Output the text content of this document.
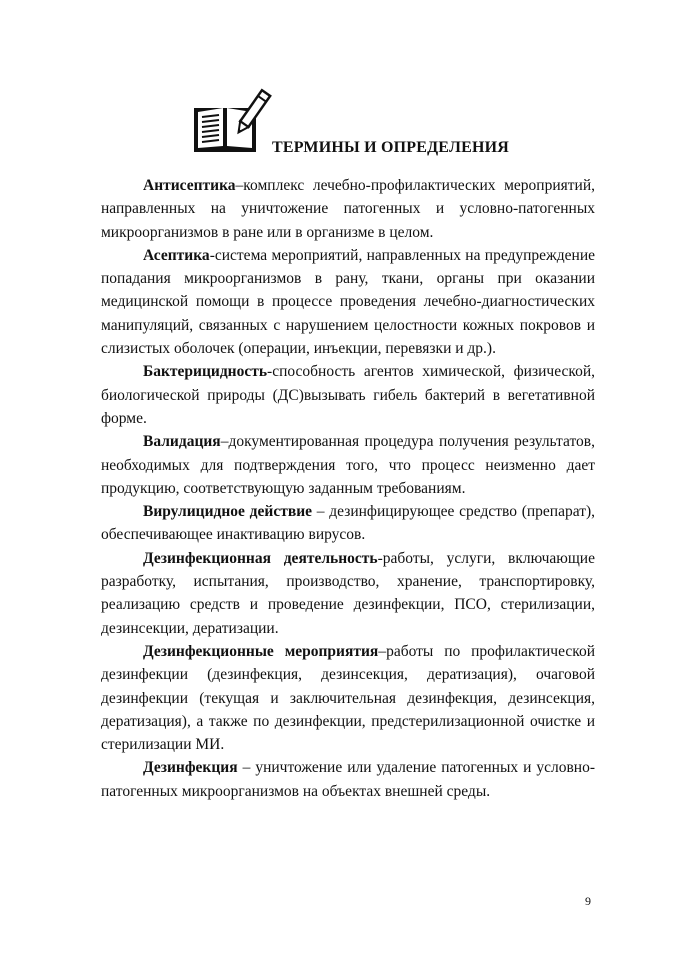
ТЕРМИНЫ И ОПРЕДЕЛЕНИЯ

Антисептика–комплекс лечебно-профилактических мероприятий, направленных на уничтожение патогенных и условно-патогенных микроорганизмов в ране или в организме в целом.

Асептика-система мероприятий, направленных на предупреждение попадания микроорганизмов в рану, ткани, органы при оказании медицинской помощи в процессе проведения лечебно-диагностических манипуляций, связанных с нарушением целостности кожных покровов и слизистых оболочек (операции, инъекции, перевязки и др.).

Бактерицидность-способность агентов химической, физической, биологической природы (ДС)вызывать гибель бактерий в вегетативной форме.

Валидация–документированная процедура получения результатов, необходимых для подтверждения того, что процесс неизменно дает продукцию, соответствующую заданным требованиям.

Вирулицидное действие – дезинфицирующее средство (препарат), обеспечивающее инактивацию вирусов.

Дезинфекционная деятельность-работы, услуги, включающие разработку, испытания, производство, хранение, транспортировку, реализацию средств и проведение дезинфекции, ПСО, стерилизации, дезинсекции, дератизации.

Дезинфекционные мероприятия–работы по профилактической дезинфекции (дезинфекция, дезинсекция, дератизация), очаговой дезинфекции (текущая и заключительная дезинфекция, дезинсекция, дератизация), а также по дезинфекции, предстерилизационной очистке и стерилизации МИ.

Дезинфекция – уничтожение или удаление патогенных и условно-патогенных микроорганизмов на объектах внешней среды.

9
